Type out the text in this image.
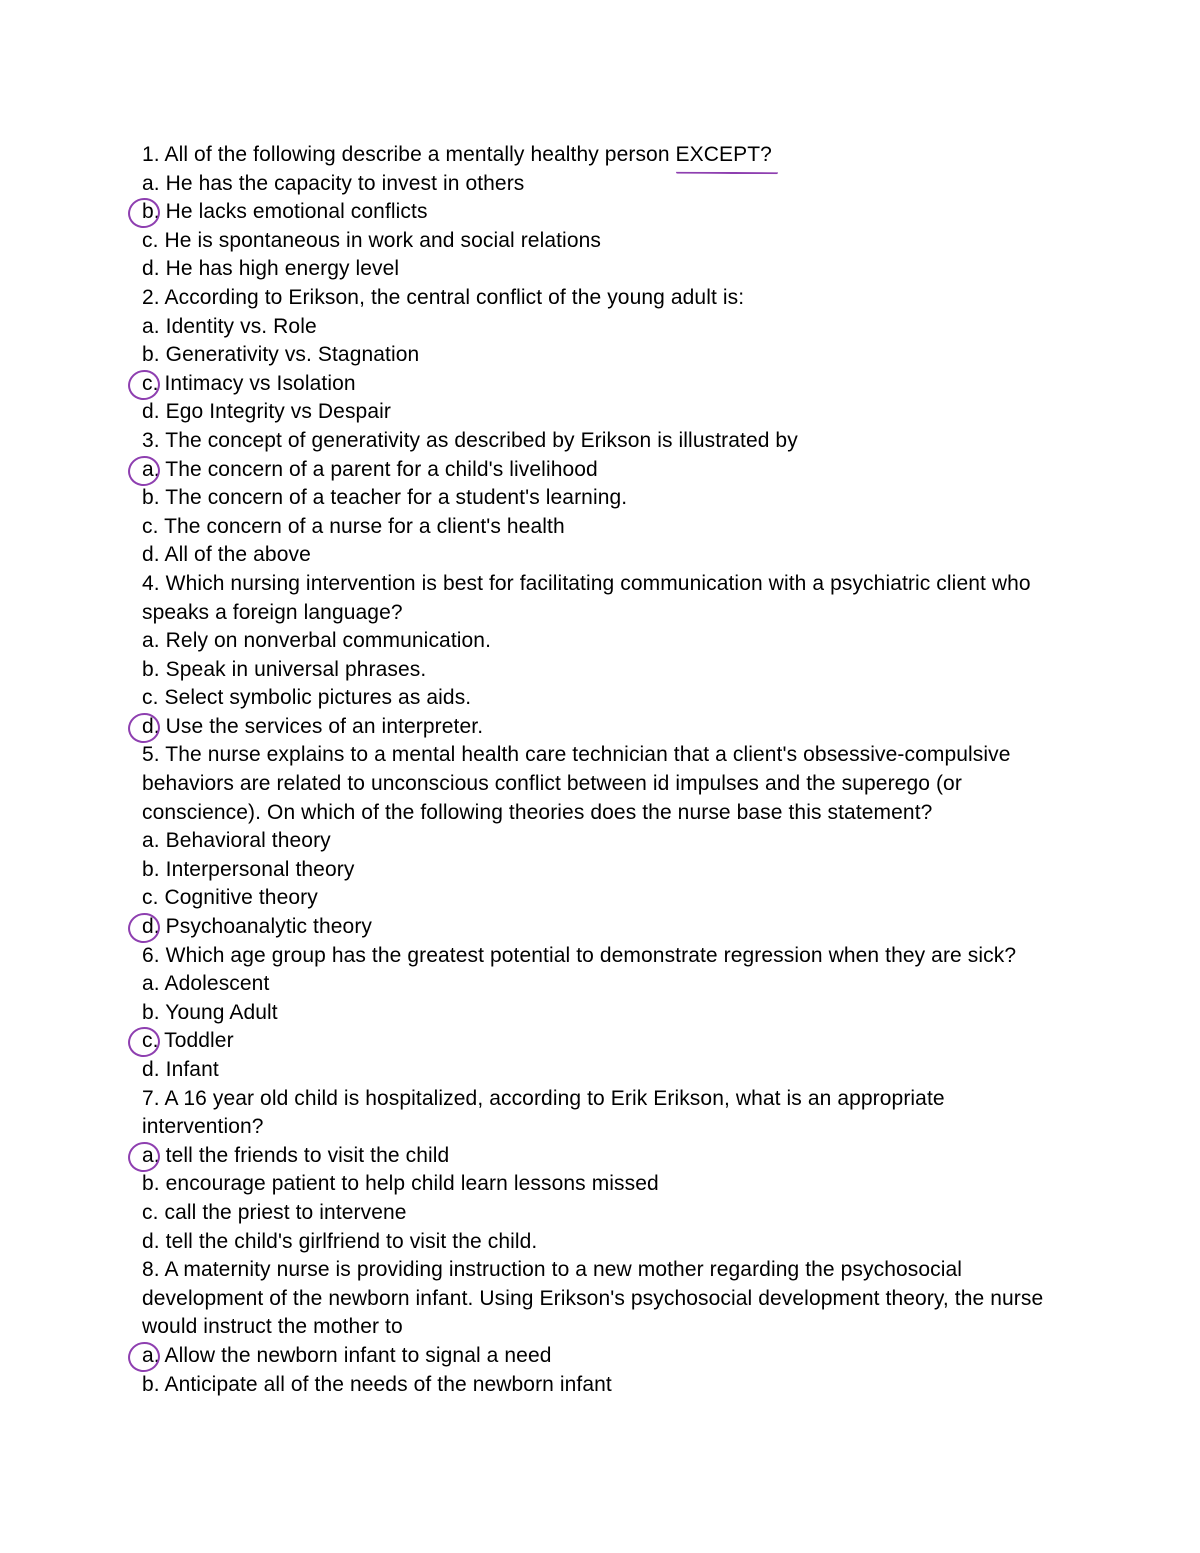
1. All of the following describe a mentally healthy person EXCEPT?

a. He has the capacity to invest in others

b. He lacks emotional conflicts

c. He is spontaneous in work and social relations

d. He has high energy level

2. According to Erikson, the central conflict of the young adult is:

a. Identity vs. Role

b. Generativity vs. Stagnation

c. Intimacy vs Isolation

d. Ego Integrity vs Despair

3. The concept of generativity as described by Erikson is illustrated by

a. The concern of a parent for a child's livelihood

b. The concern of a teacher for a student's learning.

c. The concern of a nurse for a client's health

d. All of the above

4. Which nursing intervention is best for facilitating communication with a psychiatric client who speaks a foreign language?

a. Rely on nonverbal communication.

b. Speak in universal phrases.

c. Select symbolic pictures as aids.

d. Use the services of an interpreter.

5. The nurse explains to a mental health care technician that a client's obsessive-compulsive behaviors are related to unconscious conflict between id impulses and the superego (or conscience). On which of the following theories does the nurse base this statement?

a. Behavioral theory

b. Interpersonal theory

c. Cognitive theory

d. Psychoanalytic theory

6. Which age group has the greatest potential to demonstrate regression when they are sick?

a. Adolescent

b. Young Adult

c. Toddler

d. Infant

7. A 16 year old child is hospitalized, according to Erik Erikson, what is an appropriate intervention?

a. tell the friends to visit the child

b. encourage patient to help child learn lessons missed

c. call the priest to intervene

d. tell the child's girlfriend to visit the child.

8. A maternity nurse is providing instruction to a new mother regarding the psychosocial development of the newborn infant. Using Erikson's psychosocial development theory, the nurse would instruct the mother to

a. Allow the newborn infant to signal a need

b. Anticipate all of the needs of the newborn infant
